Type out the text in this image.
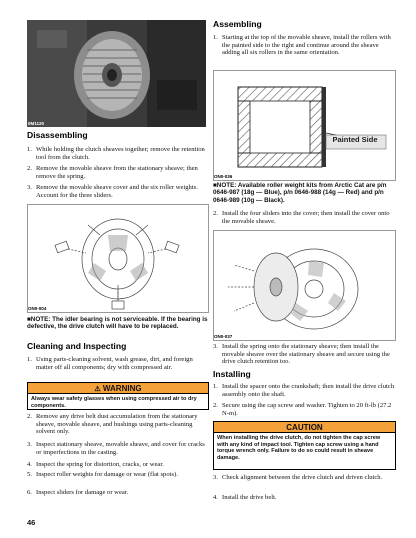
0M1120
Disassembling
1. While holding the clutch sheaves together; remove the retention tool from the clutch.
2. Remove the movable sheave from the stationary sheave; then remove the spring.
3. Remove the movable sheave cover and the six roller weights. Account for the three sliders.
ON0-004
■NOTE: The idler bearing is not serviceable. If the bearing is defective, the drive clutch will have to be replaced.
Cleaning and Inspecting
1. Using parts-cleaning solvent, wash grease, dirt, and foreign matter off all components; dry with compressed air.
⚠ WARNING
Always wear safety glasses when using compressed air to dry components.
2. Remove any drive belt dust accumulation from the stationary sheave, movable sheave, and bushings using parts-cleaning solvent only.
3. Inspect stationary sheave, movable sheave, and cover for cracks or imperfections in the casting.
4. Inspect the spring for distortion, cracks, or wear.
5. Inspect roller weights for damage or wear (flat spots).
6. Inspect sliders for damage or wear.
46
Assembling
1. Starting at the top of the movable sheave, install the rollers with the painted side to the right and continue around the sheave adding all six rollers in the same orientation.
Painted Side
ON0-036
■NOTE: Available roller weight kits from Arctic Cat are p/n 0646-987 (18g — Blue), p/n 0646-988 (14g — Red) and p/n 0646-989 (10g — Black).
2. Install the four sliders into the cover; then install the cover onto the movable sheave.
ON0-037
3. Install the spring onto the stationary sheave; then install the movable sheave over the stationary sheave and secure using the drive clutch retention too.
Installing
1. Install the spacer onto the crankshaft; then install the drive clutch assembly onto the shaft.
2. Secure using the cap screw and washer. Tighten to 20 ft-lb (27.2 N-m).
CAUTION
When installing the drive clutch, do not tighten the cap screw with any kind of impact tool. Tighten cap screw using a hand torque wrench only. Failure to do so could result in sheave damage.
3. Check alignment between the drive clutch and driven clutch.
4. Install the drive belt.
